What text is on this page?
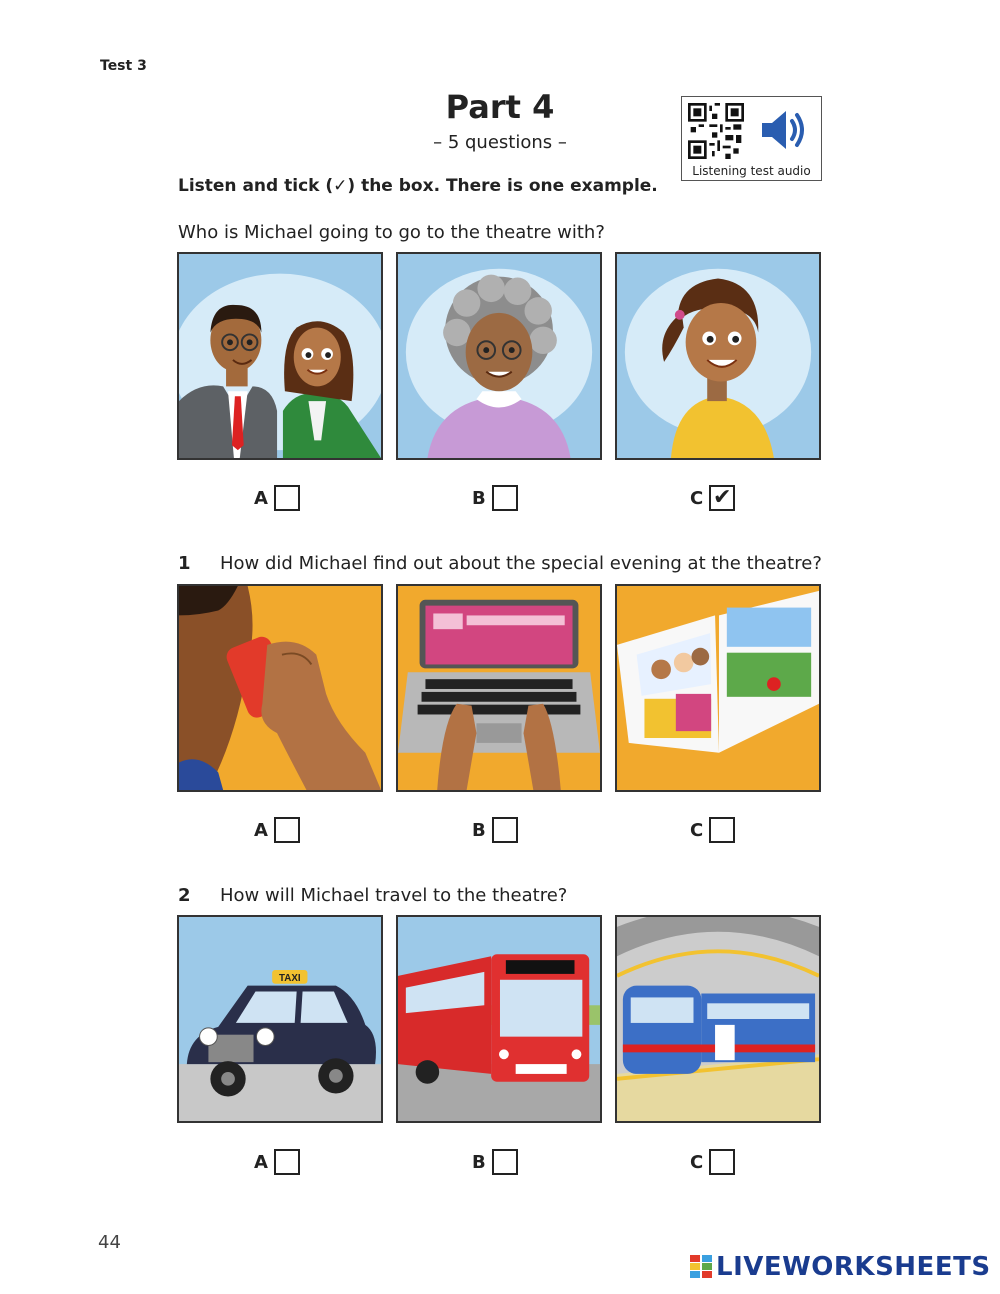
Test 3
Part 4
– 5 questions –
Listening test audio
Listen and tick (✓) the box. There is one example.
Who is Michael going to go to the theatre with?
A	B	C ✔
1 How did Michael find out about the special evening at the theatre?
A	B	C
2 How will Michael travel to the theatre?
TAXI
A	B	C
44
LIVEWORKSHEETS
